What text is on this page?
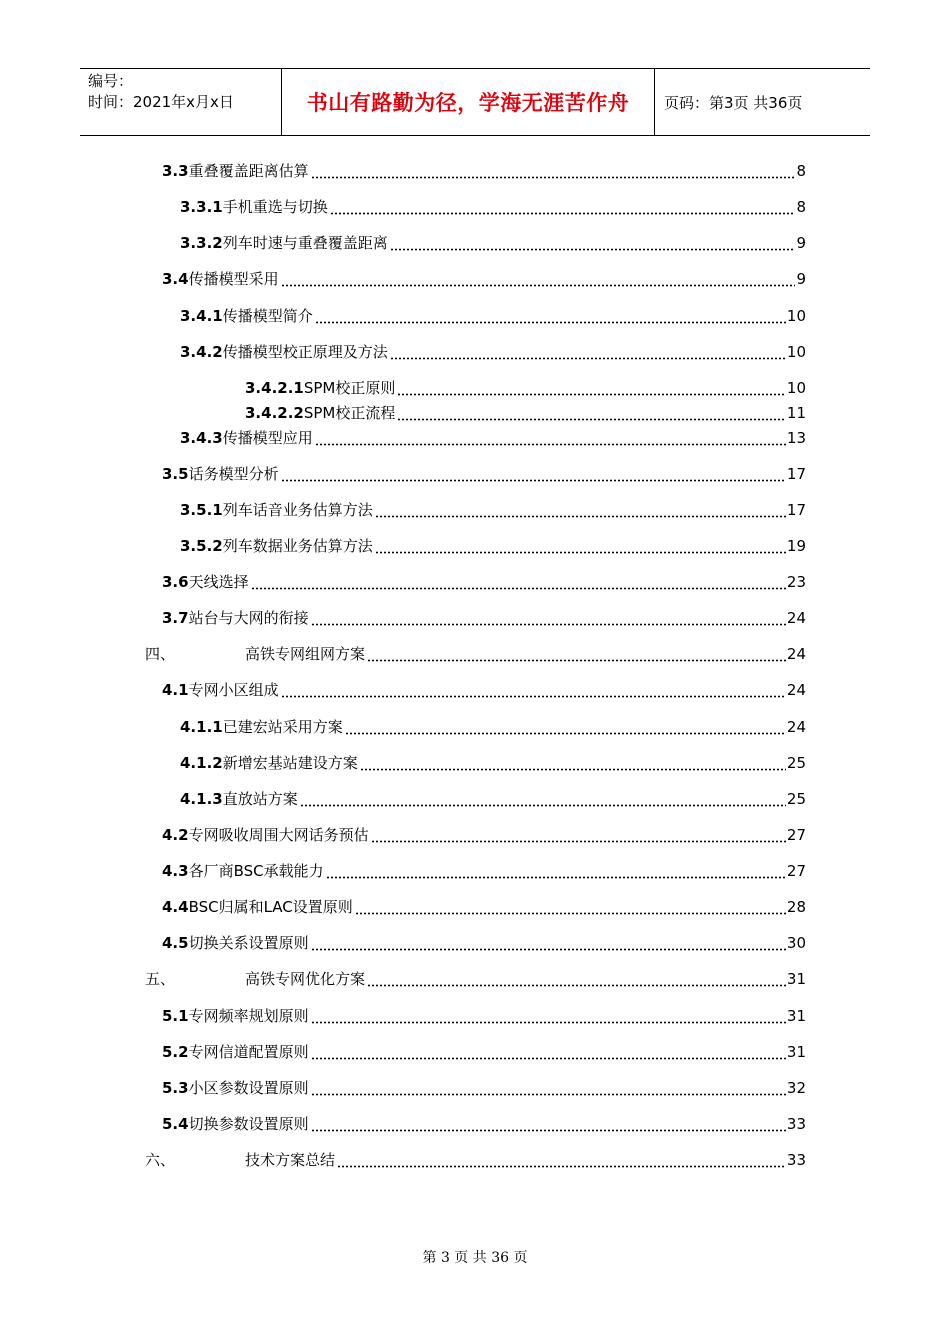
编号：
时间：2021年x月x日	书山有路勤为径，学海无涯苦作舟 页码：第3页 共36页
3.3 重叠覆盖距离估算	8
3.3.1 手机重选与切换	8
3.3.2 列车时速与重叠覆盖距离	9
3.4 传播模型采用	9
3.4.1 传播模型简介	10
3.4.2 传播模型校正原理及方法	10
3.4.2.1 SPM校正原则	10
3.4.2.2 SPM校正流程	11
3.4.3 传播模型应用	13
3.5 话务模型分析	17
3.5.1 列车话音业务估算方法	17
3.5.2 列车数据业务估算方法	19
3.6 天线选择	23
3.7 站台与大网的衔接	24
四、	高铁专网组网方案	24
4.1 专网小区组成	24
4.1.1 已建宏站采用方案	24
4.1.2 新增宏基站建设方案	25
4.1.3 直放站方案	25
4.2 专网吸收周围大网话务预估	27
4.3 各厂商BSC承载能力	27
4.4 BSC归属和LAC设置原则	28
4.5 切换关系设置原则	30
五、	高铁专网优化方案	31
5.1 专网频率规划原则	31
5.2 专网信道配置原则	31
5.3 小区参数设置原则	32
5.4 切换参数设置原则	33
六、	技术方案总结	33
第 3 页 共 36 页
